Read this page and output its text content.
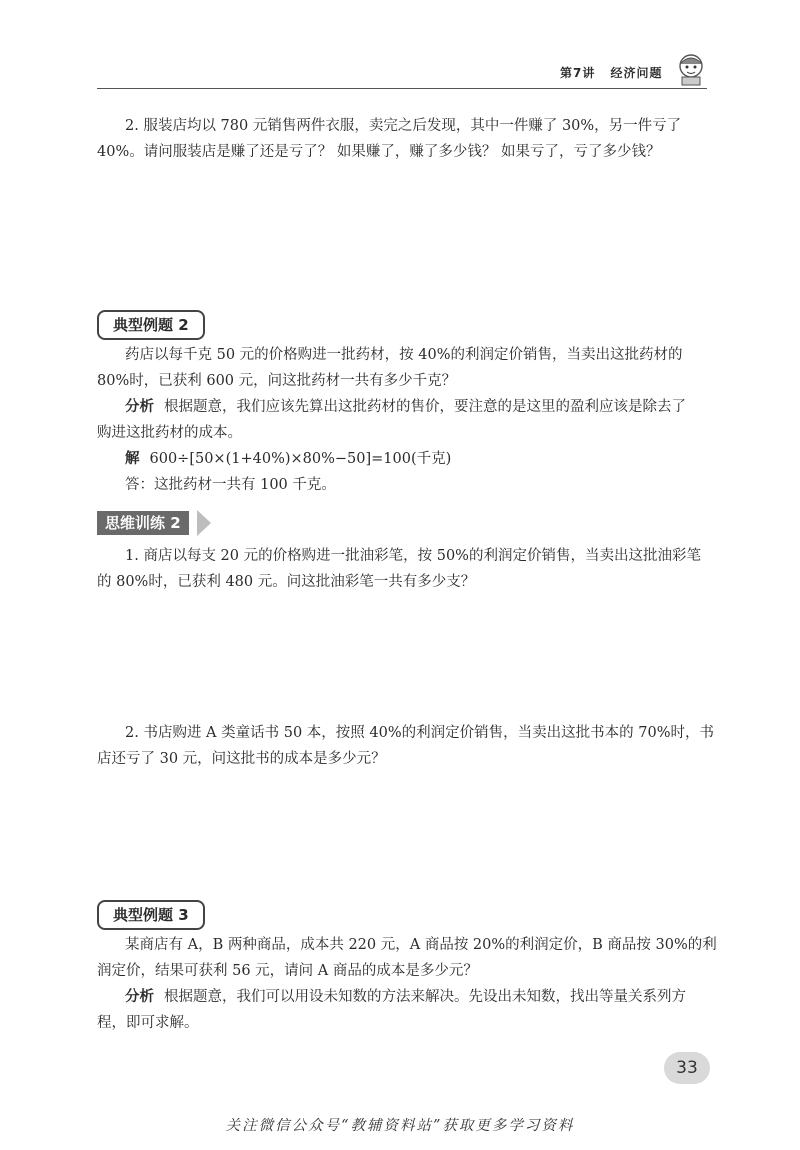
第7讲 经济问题

2. 服装店均以 780 元销售两件衣服，卖完之后发现，其中一件赚了 30%，另一件亏了

40%。请问服装店是赚了还是亏了？ 如果赚了，赚了多少钱？ 如果亏了，亏了多少钱？

典型例题 2

药店以每千克 50 元的价格购进一批药材，按 40%的利润定价销售，当卖出这批药材的

80%时，已获利 600 元，问这批药材一共有多少千克？

分析 根据题意，我们应该先算出这批药材的售价，要注意的是这里的盈利应该是除去了

购进这批药材的成本。

解 600÷[50×(1+40%)×80%−50]=100(千克)

答：这批药材一共有 100 千克。

思维训练 2

1. 商店以每支 20 元的价格购进一批油彩笔，按 50%的利润定价销售，当卖出这批油彩笔

的 80%时，已获利 480 元。问这批油彩笔一共有多少支？

2. 书店购进 A 类童话书 50 本，按照 40%的利润定价销售，当卖出这批书本的 70%时，书

店还亏了 30 元，问这批书的成本是多少元？

典型例题 3

某商店有 A，B 两种商品，成本共 220 元，A 商品按 20%的利润定价，B 商品按 30%的利

润定价，结果可获利 56 元，请问 A 商品的成本是多少元？

分析 根据题意，我们可以用设未知数的方法来解决。先设出未知数，找出等量关系列方

程，即可求解。

33
关注微信公众号“教辅资料站”获取更多学习资料
